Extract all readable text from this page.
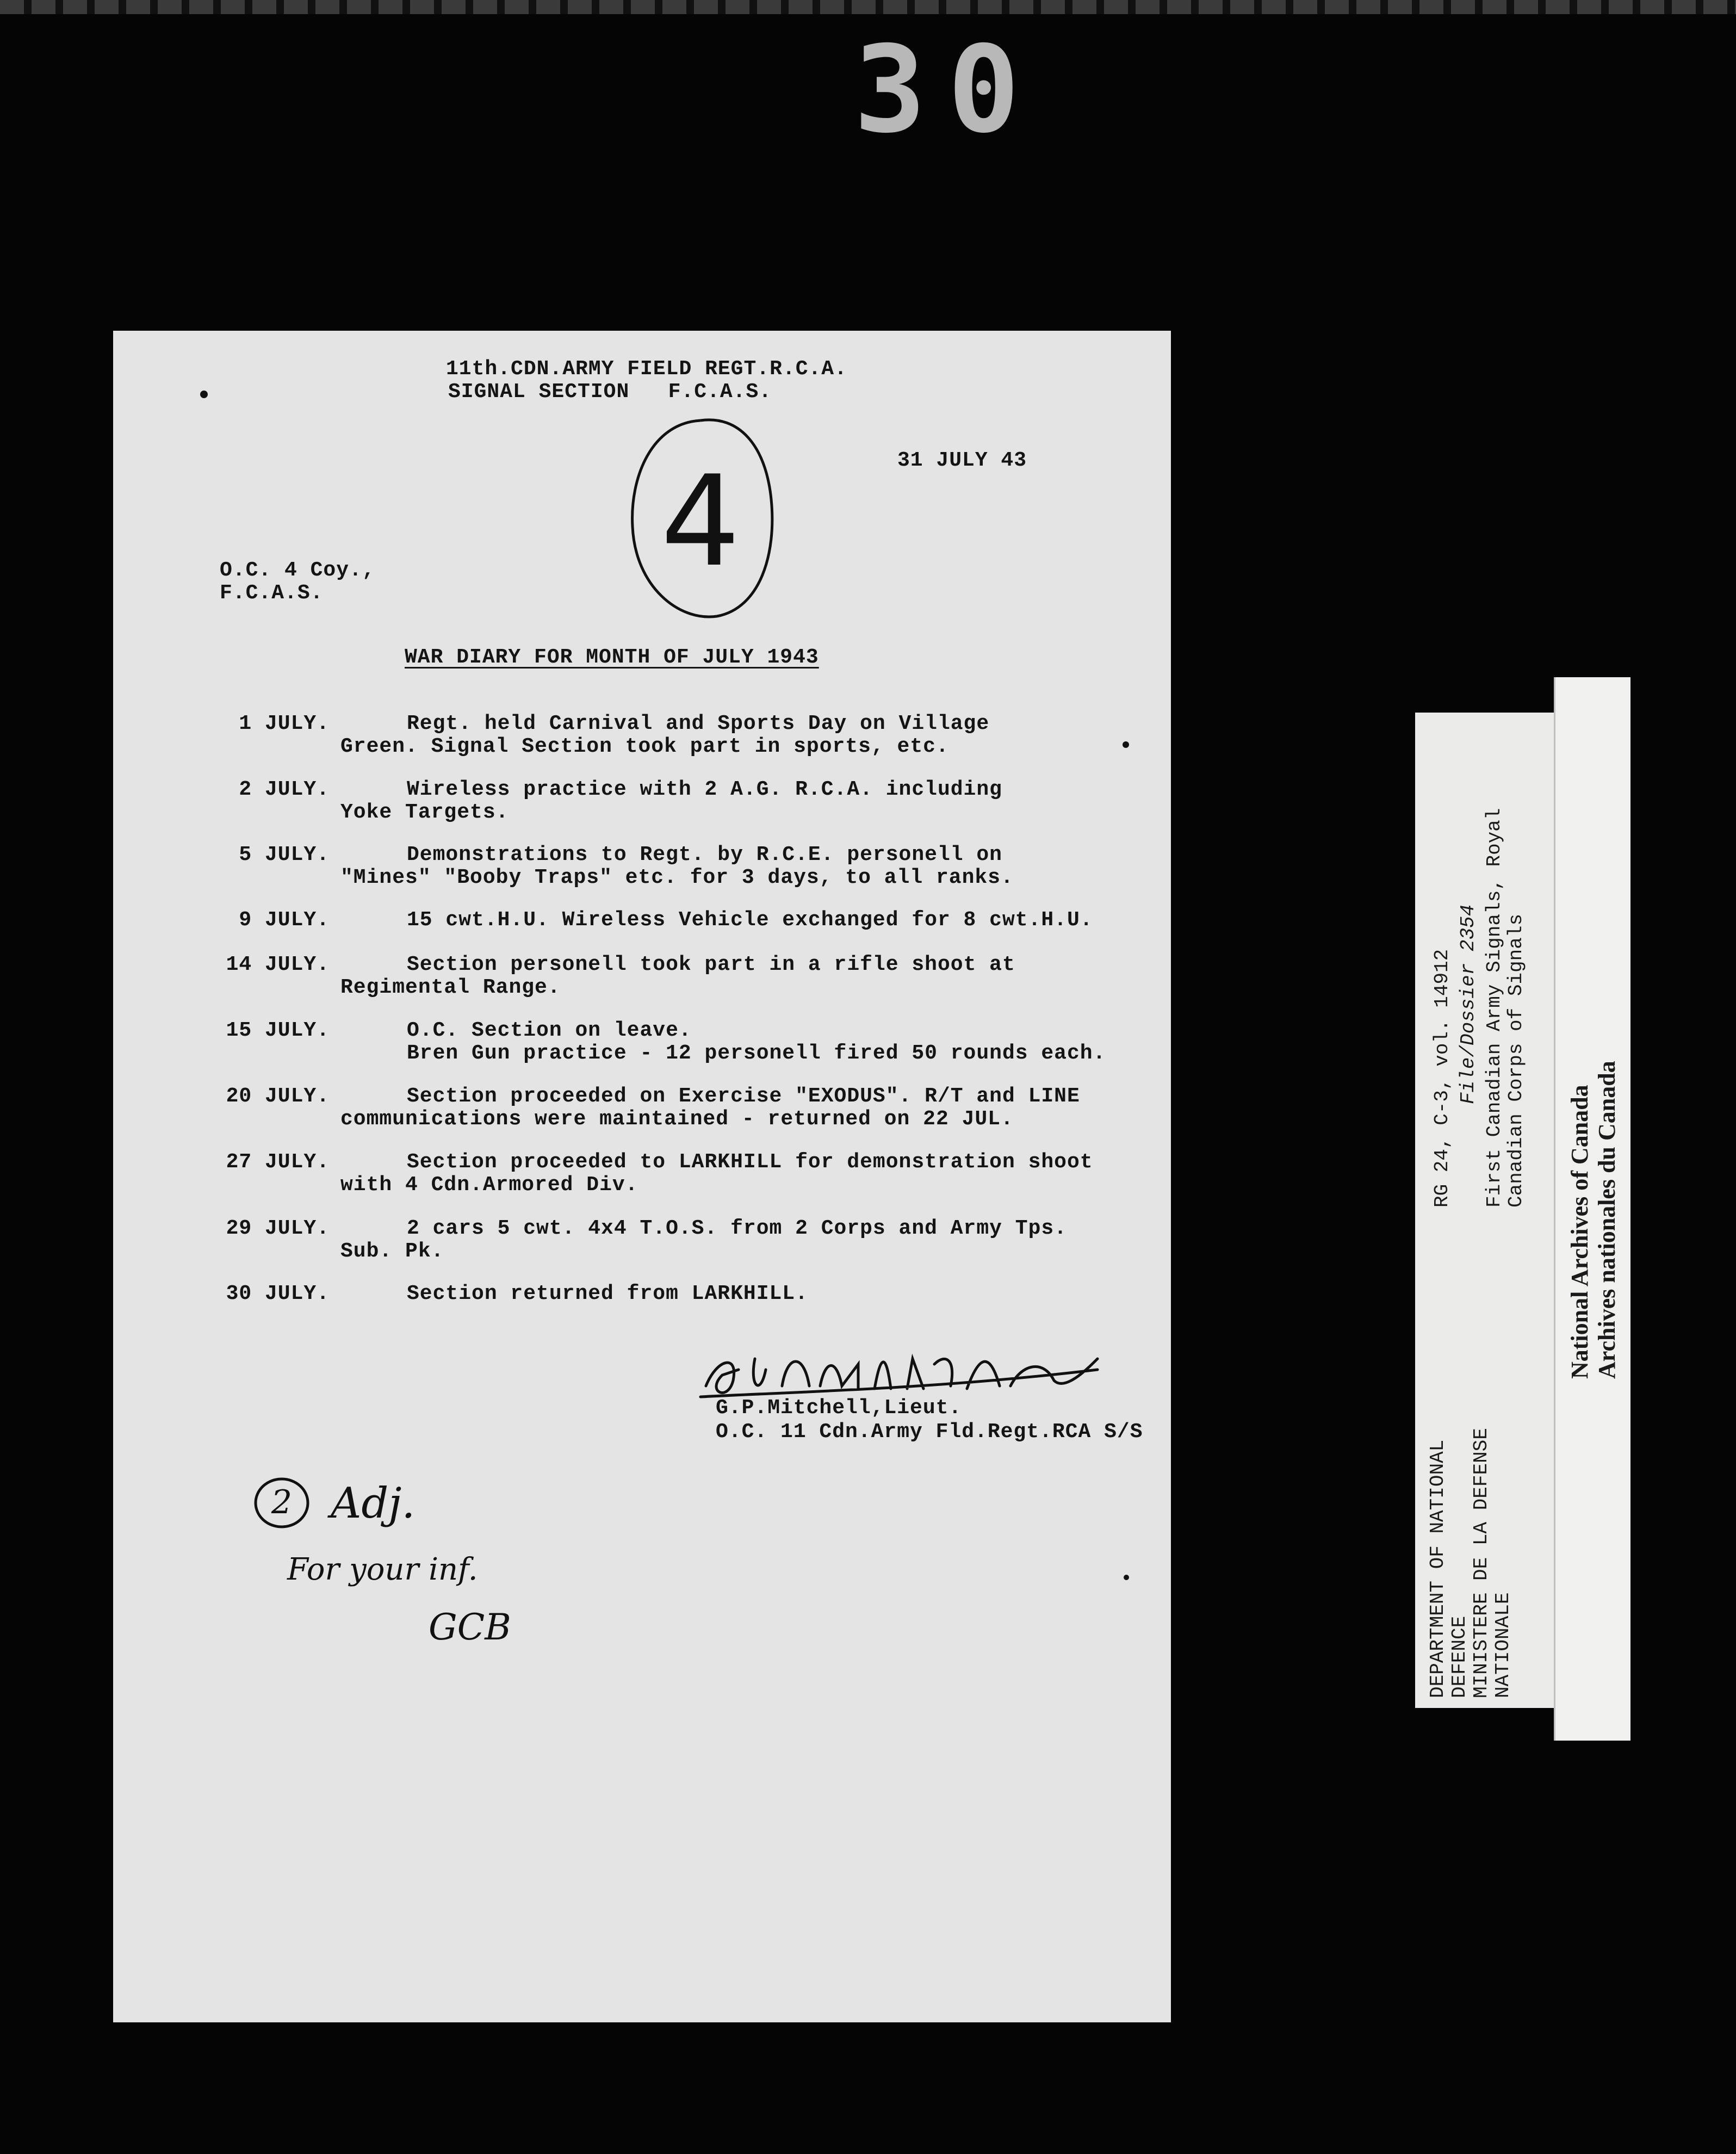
30
11th.CDN.ARMY FIELD REGT.R.C.A.
SIGNAL SECTION   F.C.A.S.
31 JULY 43
4
O.C. 4 Coy.,
F.C.A.S.
WAR DIARY FOR MONTH OF JULY 1943
1 JULY.	Regt. held Carnival and Sports Day on Village
Green. Signal Section took part in sports, etc.
2 JULY.	Wireless practice with 2 A.G. R.C.A. including
Yoke Targets.
5 JULY.	Demonstrations to Regt. by R.C.E. personell on
"Mines" "Booby Traps" etc. for 3 days, to all ranks.
9 JULY.	15 cwt.H.U. Wireless Vehicle exchanged for 8 cwt.H.U.
14 JULY.	Section personell took part in a rifle shoot at
Regimental Range.
15 JULY.	O.C. Section on leave.
Bren Gun practice - 12 personell fired 50 rounds each.
20 JULY.	Section proceeded on Exercise "EXODUS". R/T and LINE
communications were maintained - returned on 22 JUL.
27 JULY.	Section proceeded to LARKHILL for demonstration shoot
with 4 Cdn.Armored Div.
29 JULY.	2 cars 5 cwt. 4x4 T.O.S. from 2 Corps and Army Tps.
Sub. Pk.
30 JULY.	Section returned from LARKHILL.
G.P.Mitchell,Lieut.
O.C. 11 Cdn.Army Fld.Regt.RCA S/S
2 Adj.
For your inf.
GCB	DEPARTMENT OF NATIONAL DEFENCE MINISTERE DE LA DEFENSE NATIONALE
RG 24, C-3, vol. 14912 File/Dossier 2354 First Canadian Army Signals, Royal Canadian Corps of Signals
National Archives of Canada Archives nationales du Canada
